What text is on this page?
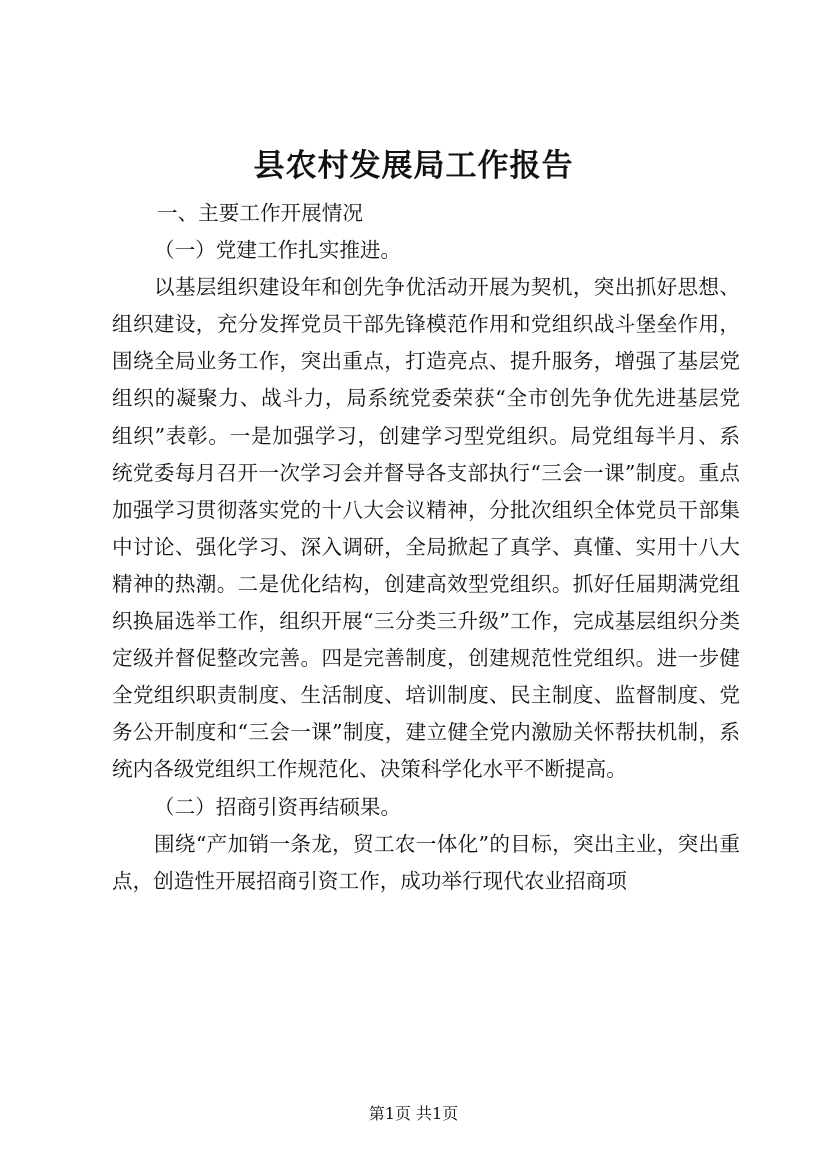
县农村发展局工作报告

一、主要工作开展情况

（一）党建工作扎实推进。

以基层组织建设年和创先争优活动开展为契机，突出抓好思想、组织建设，充分发挥党员干部先锋模范作用和党组织战斗堡垒作用，围绕全局业务工作，突出重点，打造亮点、提升服务，增强了基层党组织的凝聚力、战斗力，局系统党委荣获“全市创先争优先进基层党组织”表彰。一是加强学习，创建学习型党组织。局党组每半月、系统党委每月召开一次学习会并督导各支部执行“三会一课”制度。重点加强学习贯彻落实党的十八大会议精神，分批次组织全体党员干部集中讨论、强化学习、深入调研，全局掀起了真学、真懂、实用十八大精神的热潮。二是优化结构，创建高效型党组织。抓好任届期满党组织换届选举工作，组织开展“三分类三升级”工作，完成基层组织分类定级并督促整改完善。四是完善制度，创建规范性党组织。进一步健全党组织职责制度、生活制度、培训制度、民主制度、监督制度、党务公开制度和“三会一课”制度，建立健全党内激励关怀帮扶机制，系统内各级党组织工作规范化、决策科学化水平不断提高。

（二）招商引资再结硕果。

围绕“产加销一条龙，贸工农一体化”的目标，突出主业，突出重点，创造性开展招商引资工作，成功举行现代农业招商项

第1页 共1页
